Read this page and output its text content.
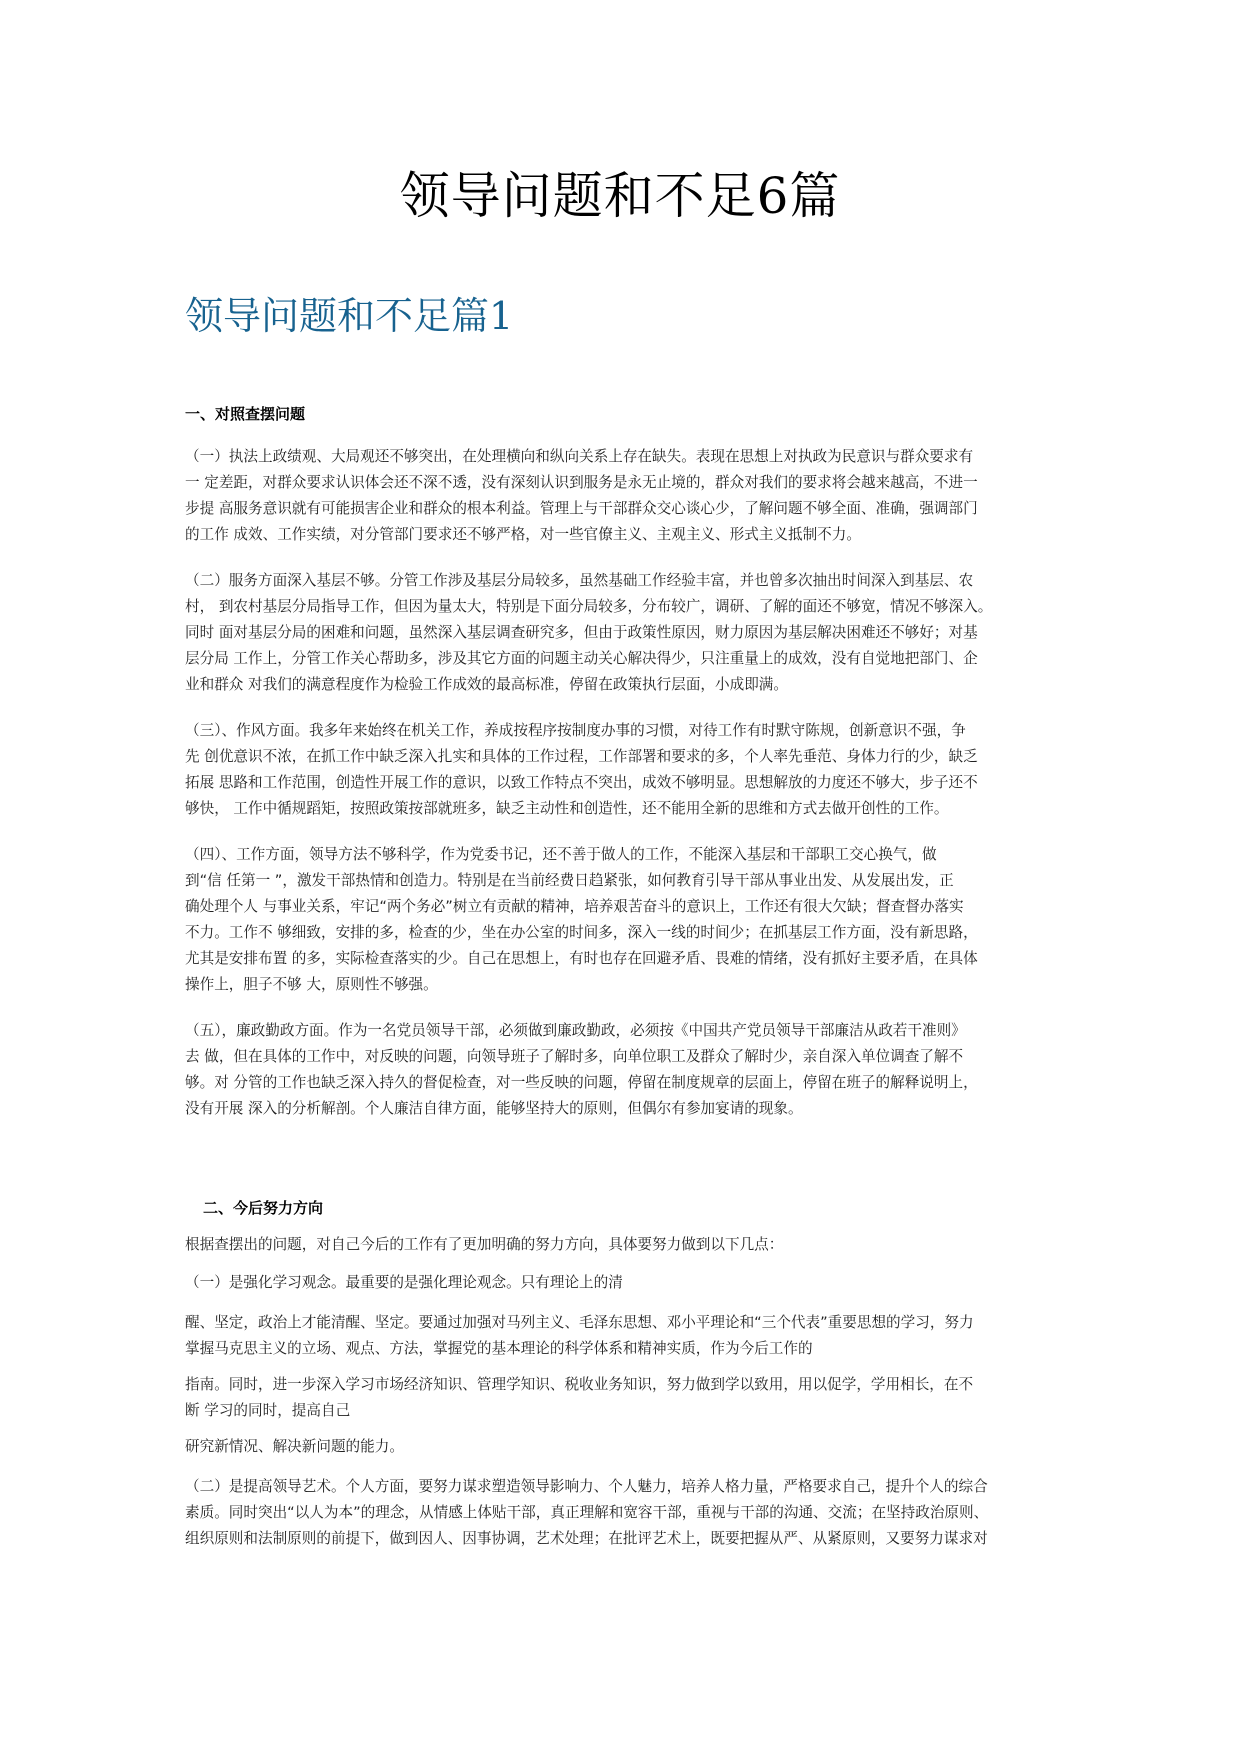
领导问题和不足6篇
领导问题和不足篇1
一、对照查摆问题
（一）执法上政绩观、大局观还不够突出，在处理横向和纵向关系上存在缺失。表现在思想上对执政为民意识与群众要求有
一 定差距，对群众要求认识体会还不深不透，没有深刻认识到服务是永无止境的，群众对我们的要求将会越来越高，不进一
步提 高服务意识就有可能损害企业和群众的根本利益。管理上与干部群众交心谈心少，了解问题不够全面、准确，强调部门
的工作 成效、工作实绩，对分管部门要求还不够严格，对一些官僚主义、主观主义、形式主义抵制不力。
（二）服务方面深入基层不够。分管工作涉及基层分局较多，虽然基础工作经验丰富，并也曾多次抽出时间深入到基层、农
村， 到农村基层分局指导工作，但因为量太大，特别是下面分局较多，分布较广，调研、了解的面还不够宽，情况不够深入。
同时 面对基层分局的困难和问题，虽然深入基层调查研究多，但由于政策性原因，财力原因为基层解决困难还不够好；对基
层分局 工作上，分管工作关心帮助多，涉及其它方面的问题主动关心解决得少，只注重量上的成效，没有自觉地把部门、企
业和群众 对我们的满意程度作为检验工作成效的最高标准，停留在政策执行层面，小成即满。
（三）、作风方面。我多年来始终在机关工作，养成按程序按制度办事的习惯，对待工作有时默守陈规，创新意识不强，争
先 创优意识不浓，在抓工作中缺乏深入扎实和具体的工作过程，工作部署和要求的多，个人率先垂范、身体力行的少，缺乏
拓展 思路和工作范围，创造性开展工作的意识，以致工作特点不突出，成效不够明显。思想解放的力度还不够大，步子还不
够快， 工作中循规蹈矩，按照政策按部就班多，缺乏主动性和创造性，还不能用全新的思维和方式去做开创性的工作。
（四）、工作方面，领导方法不够科学，作为党委书记，还不善于做人的工作，不能深入基层和干部职工交心换气，做
到“信 任第一 ”，激发干部热情和创造力。特别是在当前经费日趋紧张，如何教育引导干部从事业出发、从发展出发，正
确处理个人 与事业关系，牢记“两个务必”树立有贡献的精神，培养艰苦奋斗的意识上，工作还有很大欠缺；督查督办落实
不力。工作不 够细致，安排的多，检查的少，坐在办公室的时间多，深入一线的时间少；在抓基层工作方面，没有新思路，
尤其是安排布置 的多，实际检查落实的少。自己在思想上，有时也存在回避矛盾、畏难的情绪，没有抓好主要矛盾，在具体
操作上，胆子不够 大，原则性不够强。
（五），廉政勤政方面。作为一名党员领导干部，必须做到廉政勤政，必须按《中国共产党员领导干部廉洁从政若干准则》
去 做，但在具体的工作中，对反映的问题，向领导班子了解时多，向单位职工及群众了解时少，亲自深入单位调查了解不
够。对 分管的工作也缺乏深入持久的督促检查，对一些反映的问题，停留在制度规章的层面上，停留在班子的解释说明上，
没有开展 深入的分析解剖。个人廉洁自律方面，能够坚持大的原则，但偶尔有参加宴请的现象。
二、今后努力方向
根据查摆出的问题，对自己今后的工作有了更加明确的努力方向，具体要努力做到以下几点：
（一）是强化学习观念。最重要的是强化理论观念。只有理论上的清
醒、坚定，政治上才能清醒、坚定。要通过加强对马列主义、毛泽东思想、邓小平理论和“三个代表”重要思想的学习，努力
掌握马克思主义的立场、观点、方法，掌握党的基本理论的科学体系和精神实质，作为今后工作的
指南。同时，进一步深入学习市场经济知识、管理学知识、税收业务知识，努力做到学以致用，用以促学，学用相长，在不
断 学习的同时，提高自己
研究新情况、解决新问题的能力。
（二）是提高领导艺术。个人方面，要努力谋求塑造领导影响力、个人魅力，培养人格力量，严格要求自己，提升个人的综合
素质。同时突出“以人为本”的理念，从情感上体贴干部，真正理解和宽容干部，重视与干部的沟通、交流；在坚持政治原则、
组织原则和法制原则的前提下，做到因人、因事协调，艺术处理；在批评艺术上，既要把握从严、从紧原则，又要努力谋求对
